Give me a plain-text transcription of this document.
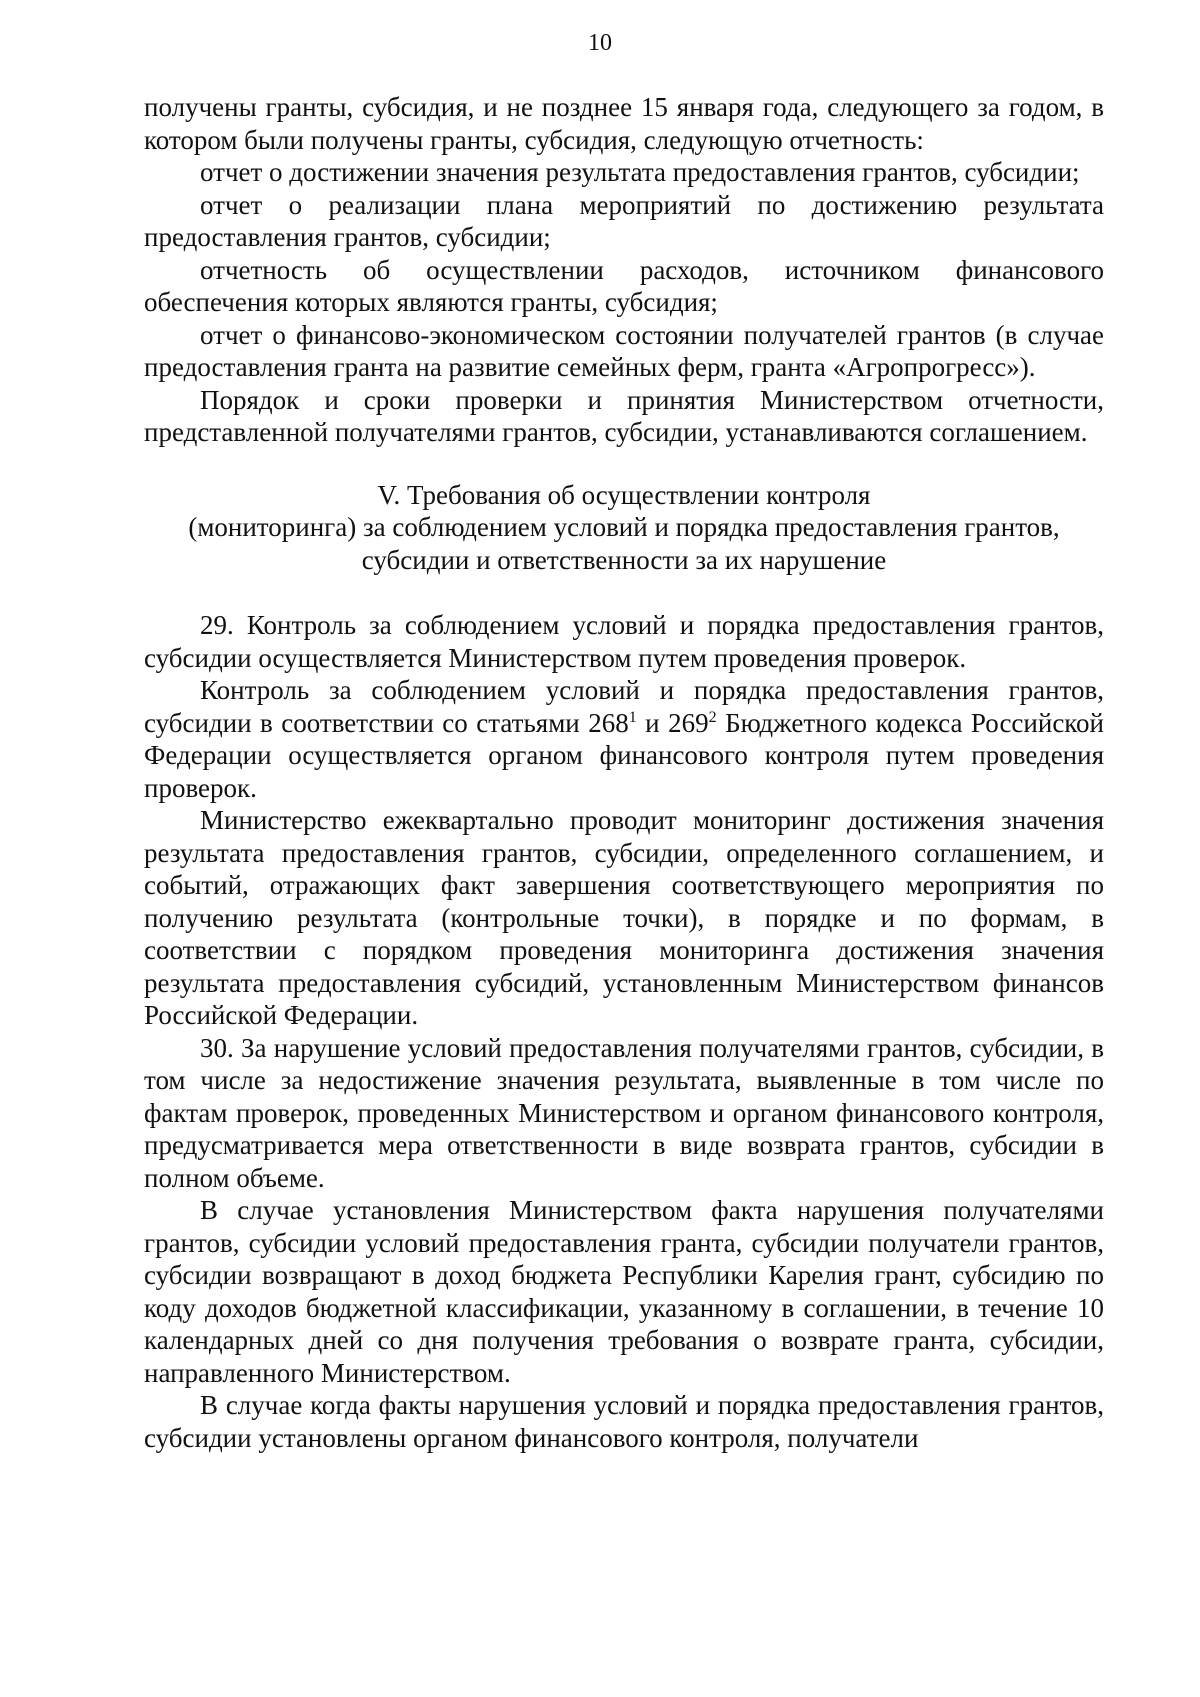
10

получены гранты, субсидия, и не позднее 15 января года, следующего за годом, в котором были получены гранты, субсидия, следующую отчетность:

отчет о достижении значения результата предоставления грантов, субсидии;

отчет о реализации плана мероприятий по достижению результата предоставления грантов, субсидии;

отчетность об осуществлении расходов, источником финансового обеспечения которых являются гранты, субсидия;

отчет о финансово-экономическом состоянии получателей грантов (в случае предоставления гранта на развитие семейных ферм, гранта «Агропрогресс»).

Порядок и сроки проверки и принятия Министерством отчетности, представленной получателями грантов, субсидии, устанавливаются соглашением.

V. Требования об осуществлении контроля
(мониторинга) за соблюдением условий и порядка предоставления грантов,
субсидии и ответственности за их нарушение

29. Контроль за соблюдением условий и порядка предоставления грантов, субсидии осуществляется Министерством путем проведения проверок.

Контроль за соблюдением условий и порядка предоставления грантов, субсидии в соответствии со статьями $268^1$ и $269^2$ Бюджетного кодекса Российской Федерации осуществляется органом финансового контроля путем проведения проверок.

Министерство ежеквартально проводит мониторинг достижения значения результата предоставления грантов, субсидии, определенного соглашением, и событий, отражающих факт завершения соответствующего мероприятия по получению результата (контрольные точки), в порядке и по формам, в соответствии с порядком проведения мониторинга достижения значения результата предоставления субсидий, установленным Министерством финансов Российской Федерации.

30. За нарушение условий предоставления получателями грантов, субсидии, в том числе за недостижение значения результата, выявленные в том числе по фактам проверок, проведенных Министерством и органом финансового контроля, предусматривается мера ответственности в виде возврата грантов, субсидии в полном объеме.

В случае установления Министерством факта нарушения получателями грантов, субсидии условий предоставления гранта, субсидии получатели грантов, субсидии возвращают в доход бюджета Республики Карелия грант, субсидию по коду доходов бюджетной классификации, указанному в соглашении, в течение 10 календарных дней со дня получения требования о возврате гранта, субсидии, направленного Министерством.

В случае когда факты нарушения условий и порядка предоставления грантов, субсидии установлены органом финансового контроля, получатели
